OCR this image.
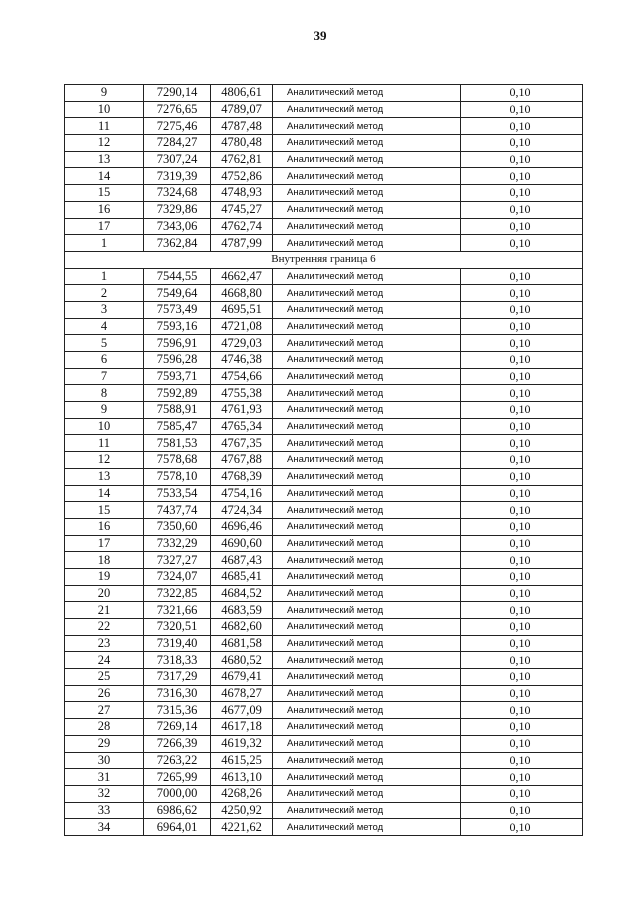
39
9	7290,14	4806,61	Аналитический метод	0,10
10	7276,65	4789,07	Аналитический метод	0,10
11	7275,46	4787,48	Аналитический метод	0,10
12	7284,27	4780,48	Аналитический метод	0,10
13	7307,24	4762,81	Аналитический метод	0,10
14	7319,39	4752,86	Аналитический метод	0,10
15	7324,68	4748,93	Аналитический метод	0,10
16	7329,86	4745,27	Аналитический метод	0,10
17	7343,06	4762,74	Аналитический метод	0,10
1	7362,84	4787,99	Аналитический метод	0,10
Внутренняя граница 6				
1	7544,55	4662,47	Аналитический метод	0,10
2	7549,64	4668,80	Аналитический метод	0,10
3	7573,49	4695,51	Аналитический метод	0,10
4	7593,16	4721,08	Аналитический метод	0,10
5	7596,91	4729,03	Аналитический метод	0,10
6	7596,28	4746,38	Аналитический метод	0,10
7	7593,71	4754,66	Аналитический метод	0,10
8	7592,89	4755,38	Аналитический метод	0,10
9	7588,91	4761,93	Аналитический метод	0,10
10	7585,47	4765,34	Аналитический метод	0,10
11	7581,53	4767,35	Аналитический метод	0,10
12	7578,68	4767,88	Аналитический метод	0,10
13	7578,10	4768,39	Аналитический метод	0,10
14	7533,54	4754,16	Аналитический метод	0,10
15	7437,74	4724,34	Аналитический метод	0,10
16	7350,60	4696,46	Аналитический метод	0,10
17	7332,29	4690,60	Аналитический метод	0,10
18	7327,27	4687,43	Аналитический метод	0,10
19	7324,07	4685,41	Аналитический метод	0,10
20	7322,85	4684,52	Аналитический метод	0,10
21	7321,66	4683,59	Аналитический метод	0,10
22	7320,51	4682,60	Аналитический метод	0,10
23	7319,40	4681,58	Аналитический метод	0,10
24	7318,33	4680,52	Аналитический метод	0,10
25	7317,29	4679,41	Аналитический метод	0,10
26	7316,30	4678,27	Аналитический метод	0,10
27	7315,36	4677,09	Аналитический метод	0,10
28	7269,14	4617,18	Аналитический метод	0,10
29	7266,39	4619,32	Аналитический метод	0,10
30	7263,22	4615,25	Аналитический метод	0,10
31	7265,99	4613,10	Аналитический метод	0,10
32	7000,00	4268,26	Аналитический метод	0,10
33	6986,62	4250,92	Аналитический метод	0,10
34	6964,01	4221,62	Аналитический метод	0,10
